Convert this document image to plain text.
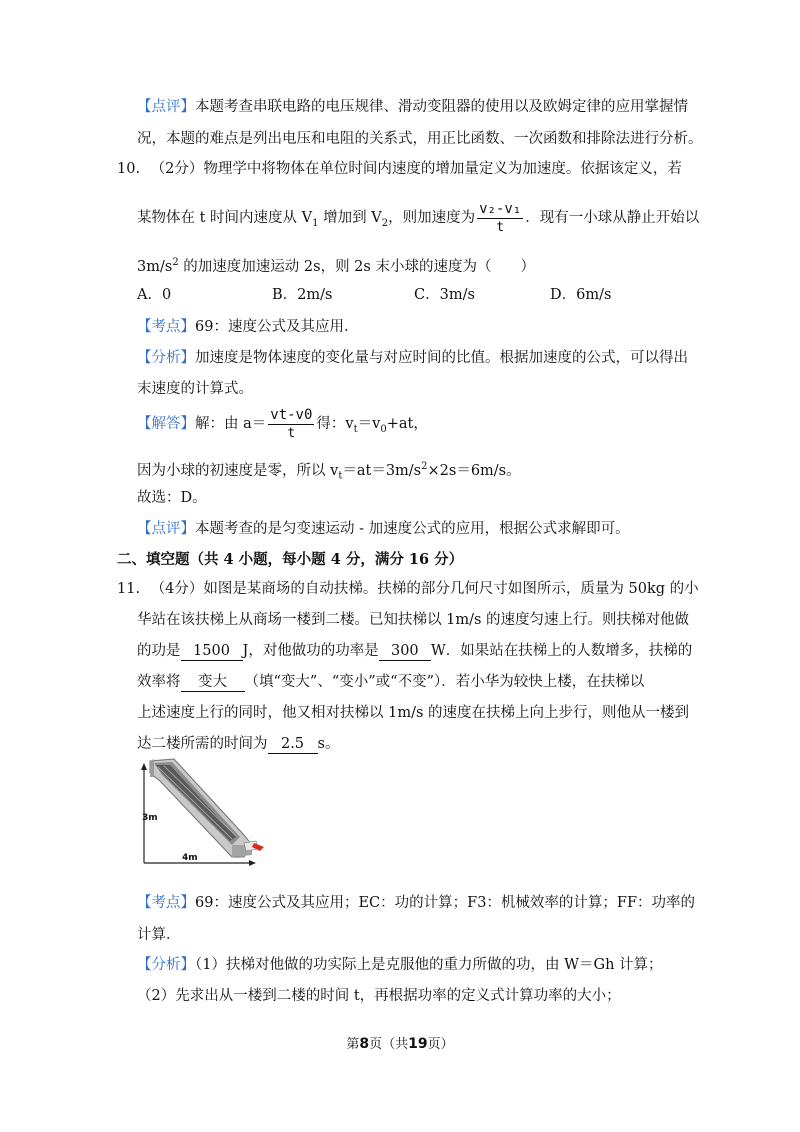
【点评】本题考查串联电路的电压规律、滑动变阻器的使用以及欧姆定律的应用掌握情
况，本题的难点是列出电压和电阻的关系式，用正比函数、一次函数和排除法进行分析。
10. （2分）物理学中将物体在单位时间内速度的增加量定义为加速度。依据该定义，若
某物体在 t 时间内速度从 $V_1$ 增加到 $V_2$，则加速度为 $\frac{\text{v₂-v₁}}{t}$ ．现有一小球从静止开始以
$3m/s^2$ 的加速度加速运动 2s，则 2s 末小球的速度为（　　）
A．0	B．2m/s	C．3m/s	D．6m/s
【考点】69：速度公式及其应用．
【分析】加速度是物体速度的变化量与对应时间的比值。根据加速度的公式，可以得出
末速度的计算式。
【解答】解：由 $a= \frac{vt-v0}{t}$ 得：$v_t=v_0+at$，
因为小球的初速度是零，所以 $v_t=at=3m/s^2\times 2s=6m/s$。
故选：D。
【点评】本题考查的是匀变速运动 - 加速度公式的应用，根据公式求解即可。
二、填空题（共 4 小题，每小题 4 分，满分 16 分）
11. （4分）如图是某商场的自动扶梯。扶梯的部分几何尺寸如图所示，质量为 50kg 的小
华站在该扶梯上从商场一楼到二楼。已知扶梯以 1m/s 的速度匀速上行。则扶梯对他做
的功是 1500 J，对他做功的功率是 300 W．如果站在扶梯上的人数增多，扶梯的
效率将 变大 （填“变大”、“变小”或“不变”）．若小华为较快上楼，在扶梯以
上述速度上行的同时，他又相对扶梯以 1m/s 的速度在扶梯上向上步行，则他从一楼到
达二楼所需的时间为 2.5 s。
3m
4m
【考点】69：速度公式及其应用；EC：功的计算；F3：机械效率的计算；FF：功率的
计算．
【分析】（1）扶梯对他做的功实际上是克服他的重力所做的功，由 W＝Gh 计算；
（2）先求出从一楼到二楼的时间 t，再根据功率的定义式计算功率的大小；
第8页（共19页）
